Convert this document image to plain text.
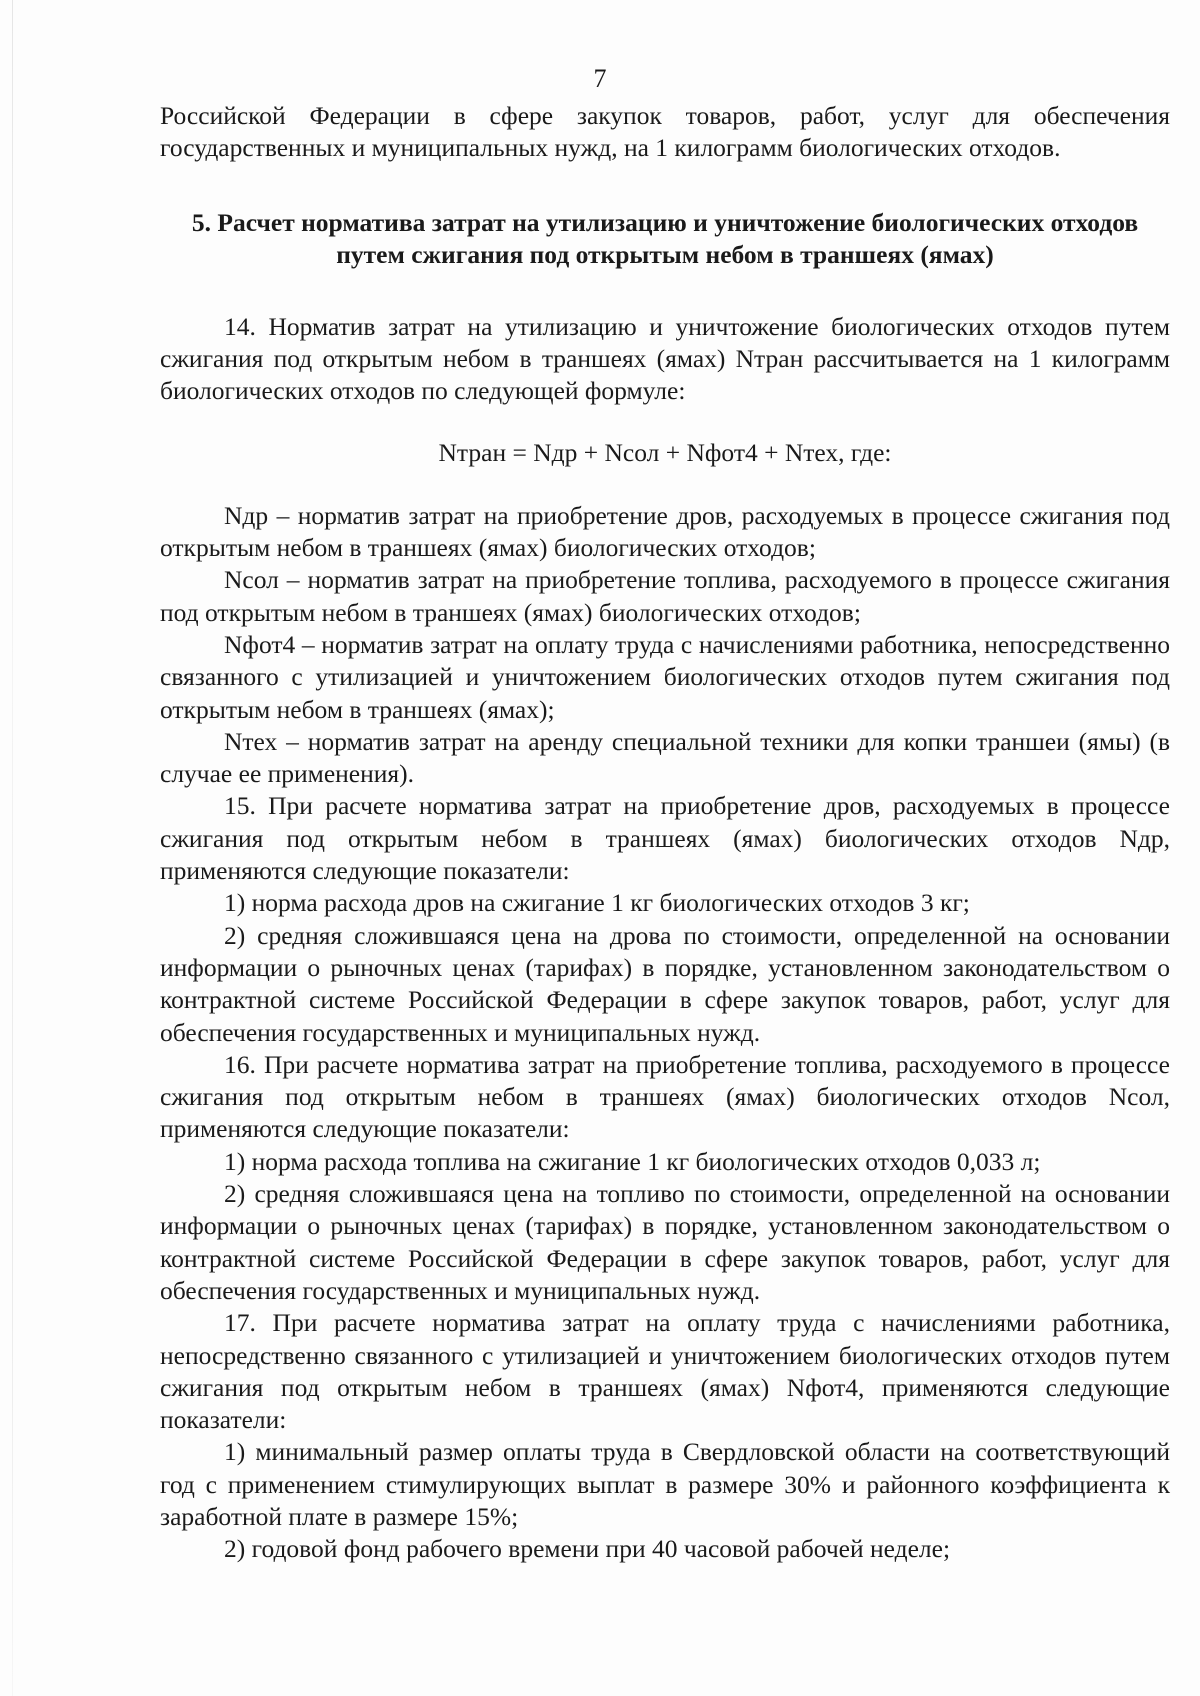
7

Российской Федерации в сфере закупок товаров, работ, услуг для обеспечения государственных и муниципальных нужд, на 1 килограмм биологических отходов.

5. Расчет норматива затрат на утилизацию и уничтожение биологических отходов путем сжигания под открытым небом в траншеях (ямах)

14. Норматив затрат на утилизацию и уничтожение биологических отходов путем сжигания под открытым небом в траншеях (ямах) Nтран рассчитывается на 1 килограмм биологических отходов по следующей формуле:

Nтран = Nдр + Nсол + Nфот4 + Nтех, где:

Nдр – норматив затрат на приобретение дров, расходуемых в процессе сжигания под открытым небом в траншеях (ямах) биологических отходов;

Nсол – норматив затрат на приобретение топлива, расходуемого в процессе сжигания под открытым небом в траншеях (ямах) биологических отходов;

Nфот4 – норматив затрат на оплату труда с начислениями работника, непосредственно связанного с утилизацией и уничтожением биологических отходов путем сжигания под открытым небом в траншеях (ямах);

Nтех – норматив затрат на аренду специальной техники для копки траншеи (ямы) (в случае ее применения).

15. При расчете норматива затрат на приобретение дров, расходуемых в процессе сжигания под открытым небом в траншеях (ямах) биологических отходов Nдр, применяются следующие показатели:

1) норма расхода дров на сжигание 1 кг биологических отходов 3 кг;

2) средняя сложившаяся цена на дрова по стоимости, определенной на основании информации о рыночных ценах (тарифах) в порядке, установленном законодательством о контрактной системе Российской Федерации в сфере закупок товаров, работ, услуг для обеспечения государственных и муниципальных нужд.

16. При расчете норматива затрат на приобретение топлива, расходуемого в процессе сжигания под открытым небом в траншеях (ямах) биологических отходов Nсол, применяются следующие показатели:

1) норма расхода топлива на сжигание 1 кг биологических отходов 0,033 л;

2) средняя сложившаяся цена на топливо по стоимости, определенной на основании информации о рыночных ценах (тарифах) в порядке, установленном законодательством о контрактной системе Российской Федерации в сфере закупок товаров, работ, услуг для обеспечения государственных и муниципальных нужд.

17. При расчете норматива затрат на оплату труда с начислениями работника, непосредственно связанного с утилизацией и уничтожением биологических отходов путем сжигания под открытым небом в траншеях (ямах) Nфот4, применяются следующие показатели:

1) минимальный размер оплаты труда в Свердловской области на соответствующий год с применением стимулирующих выплат в размере 30% и районного коэффициента к заработной плате в размере 15%;

2) годовой фонд рабочего времени при 40 часовой рабочей неделе;
